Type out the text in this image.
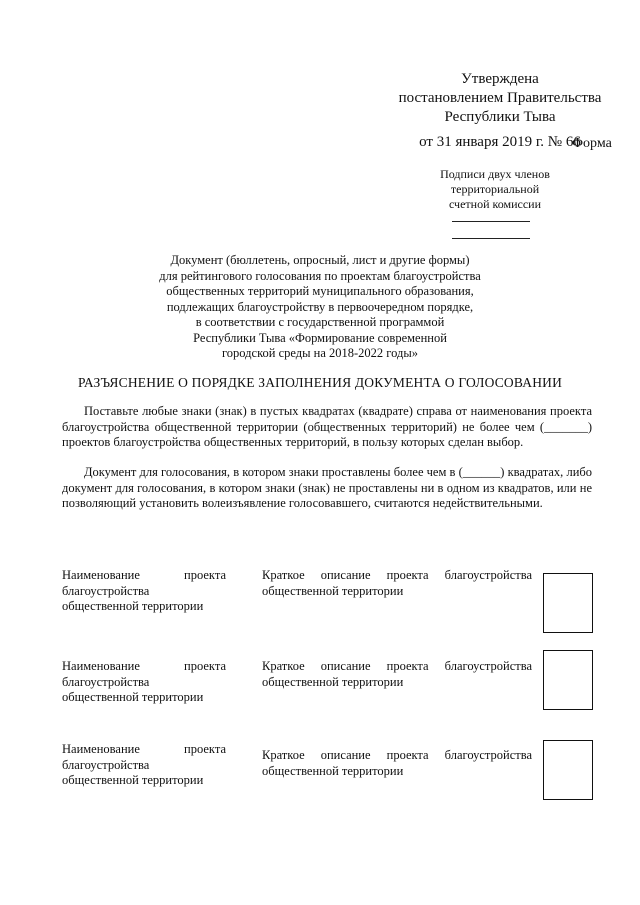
Утверждена
постановлением Правительства
Республики Тыва
от 31 января 2019 г. № 66
Форма
Подписи двух членов
территориальной
счетной комиссии
Документ (бюллетень, опросный, лист и другие формы)
для рейтингового голосования по проектам благоустройства
общественных территорий муниципального образования,
подлежащих благоустройству в первоочередном порядке,
в соответствии с государственной программой
Республики Тыва «Формирование современной
городской среды на 2018-2022 годы»
РАЗЪЯСНЕНИЕ О ПОРЯДКЕ ЗАПОЛНЕНИЯ ДОКУМЕНТА О ГОЛОСОВАНИИ
Поставьте любые знаки (знак) в пустых квадратах (квадрате) справа от наименования проекта благоустройства общественной территории (общественных территорий) не более чем (_______) проектов благоустройства общественных территорий, в пользу которых сделан выбор.
Документ для голосования, в котором знаки проставлены более чем в (______) квадратах, либо документ для голосования, в котором знаки (знак) не проставлены ни в одном из квадратов, или не позволяющий установить волеизъявление голосовавшего, считаются недействительными.
Наименование проекта благоустройства общественной территории
Краткое описание проекта благоустройства общественной территории
Наименование проекта благоустройства общественной территории
Краткое описание проекта благоустройства общественной территории
Наименование проекта благоустройства общественной территории
Краткое описание проекта благоустройства общественной территории
